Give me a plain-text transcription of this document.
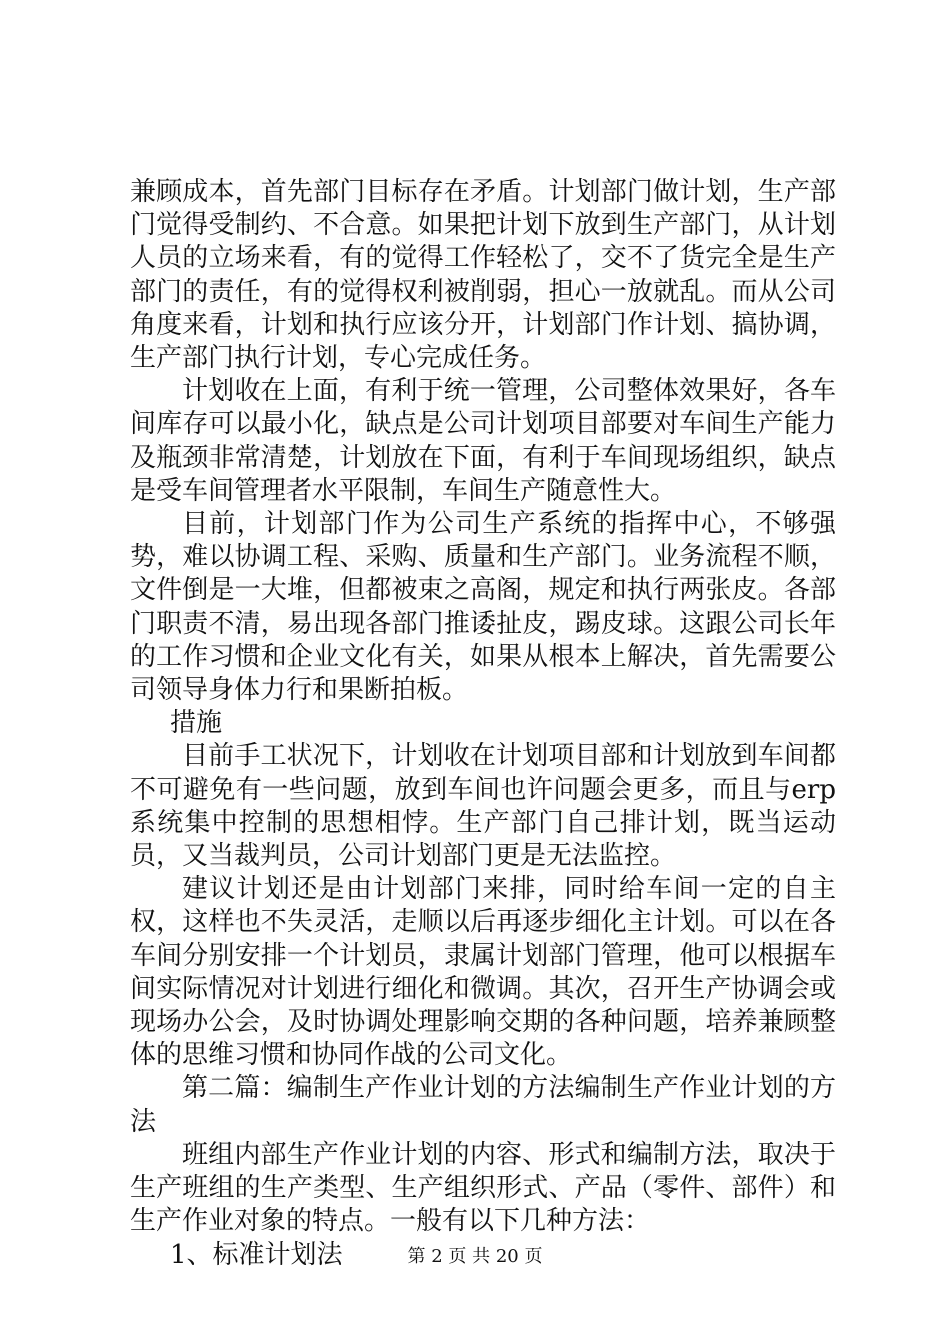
兼顾成本，首先部门目标存在矛盾。计划部门做计划，生产部门觉得受制约、不合意。如果把计划下放到生产部门，从计划人员的立场来看，有的觉得工作轻松了，交不了货完全是生产部门的责任，有的觉得权利被削弱，担心一放就乱。而从公司角度来看，计划和执行应该分开，计划部门作计划、搞协调，生产部门执行计划，专心完成任务。

计划收在上面，有利于统一管理，公司整体效果好，各车间库存可以最小化，缺点是公司计划项目部要对车间生产能力及瓶颈非常清楚，计划放在下面，有利于车间现场组织，缺点是受车间管理者水平限制，车间生产随意性大。

目前，计划部门作为公司生产系统的指挥中心，不够强势，难以协调工程、采购、质量和生产部门。业务流程不顺，文件倒是一大堆，但都被束之高阁，规定和执行两张皮。各部门职责不清，易出现各部门推诿扯皮，踢皮球。这跟公司长年的工作习惯和企业文化有关，如果从根本上解决，首先需要公司领导身体力行和果断拍板。

措施

目前手工状况下，计划收在计划项目部和计划放到车间都不可避免有一些问题，放到车间也许问题会更多，而且与erp系统集中控制的思想相悖。生产部门自己排计划，既当运动员，又当裁判员，公司计划部门更是无法监控。

建议计划还是由计划部门来排，同时给车间一定的自主权，这样也不失灵活，走顺以后再逐步细化主计划。可以在各车间分别安排一个计划员，隶属计划部门管理，他可以根据车间实际情况对计划进行细化和微调。其次，召开生产协调会或现场办公会，及时协调处理影响交期的各种问题，培养兼顾整体的思维习惯和协同作战的公司文化。

第二篇：编制生产作业计划的方法编制生产作业计划的方法

班组内部生产作业计划的内容、形式和编制方法，取决于生产班组的生产类型、生产组织形式、产品（零件、部件）和生产作业对象的特点。一般有以下几种方法：

1、标准计划法	第 2 页 共 20 页
